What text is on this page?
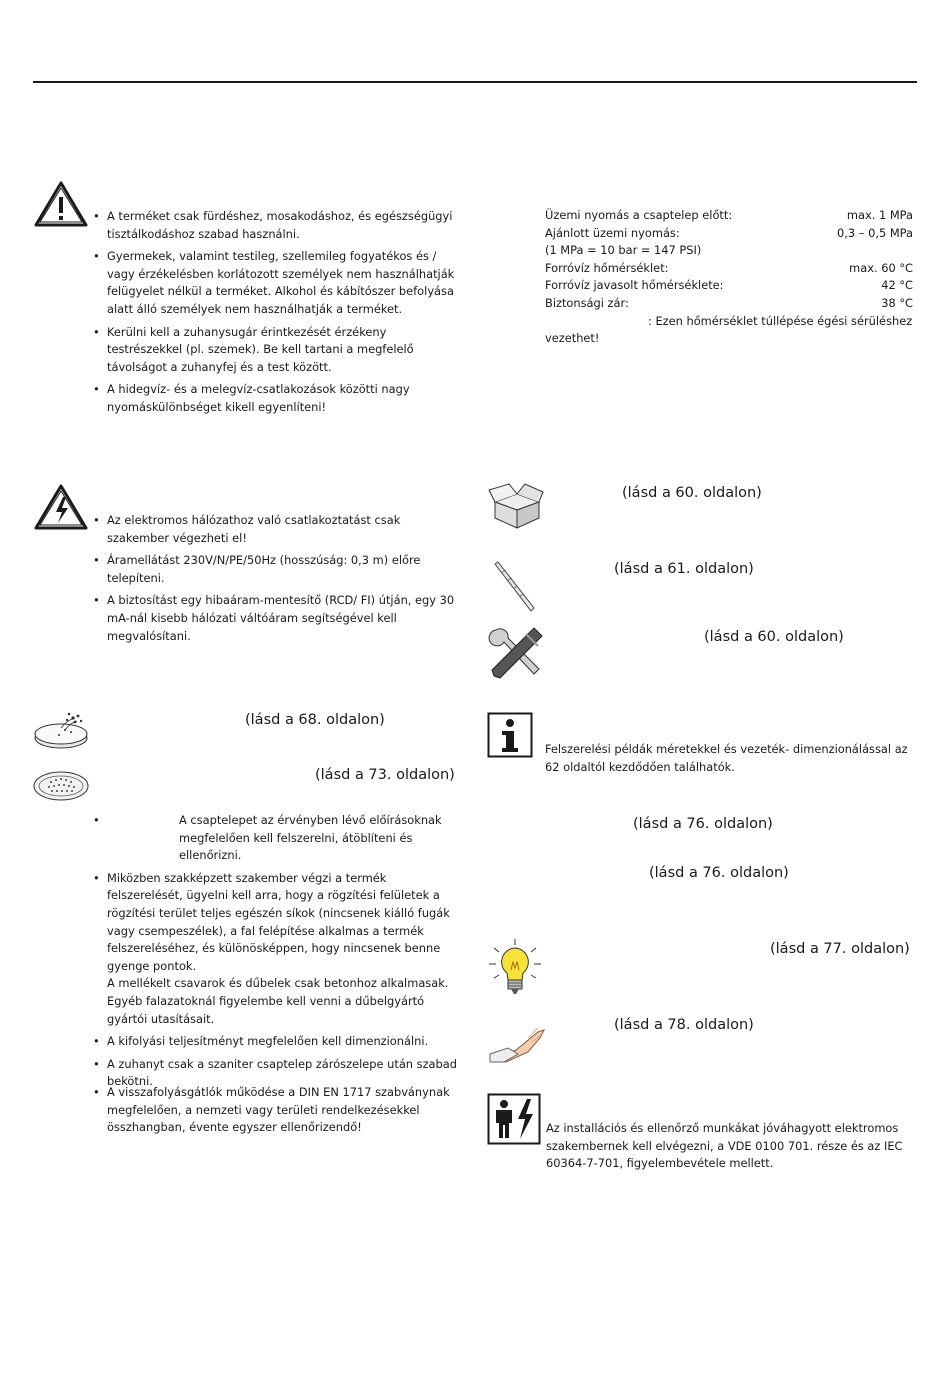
• A terméket csak fürdéshez, mosakodáshoz, és egészségügyi tisztálkodáshoz szabad használni.
• Gyermekek, valamint testileg, szellemileg fogyatékos és / vagy érzékelésben korlátozott személyek nem használhatják felügyelet nélkül a terméket. Alkohol és kábítószer befolyása alatt álló személyek nem használhatják a terméket.
• Kerülni kell a zuhanysugár érintkezését érzékeny testrészekkel (pl. szemek). Be kell tartani a megfelelő távolságot a zuhanyfej és a test között.
• A hidegvíz- és a melegvíz-csatlakozások közötti nagy nyomáskülönbséget kikell egyenlíteni!
• Az elektromos hálózathoz való csatlakoztatást csak szakember végezheti el!
• Áramellátást 230V/N/PE/50Hz (hosszúság: 0,3 m) előre telepíteni.
• A biztosítást egy hibaáram-mentesítő (RCD/ FI) útján, egy 30 mA-nál kisebb hálózati váltóáram segítségével kell megvalósítani.
(lásd a 68. oldalon)
(lásd a 73. oldalon)
• A csaptelepet az érvényben lévő előírásoknak megfelelően kell felszerelni, átöblíteni és ellenőrizni.
• Miközben szakképzett szakember végzi a termék felszerelését, ügyelni kell arra, hogy a rögzítési felületek a rögzítési terület teljes egészén síkok (nincsenek kiálló fugák vagy csempeszélek), a fal felépítése alkalmas a termék felszereléséhez, és különösképpen, hogy nincsenek benne gyenge pontok.
A mellékelt csavarok és dűbelek csak betonhoz alkalmasak. Egyéb falazatoknál figyelembe kell venni a dűbelgyártó gyártói utasításait.
• A kifolyási teljesítményt megfelelően kell dimenzionálni.
• A zuhanyt csak a szaniter csaptelep zárószelepe után szabad bekötni.
• A visszafolyásgátlók működése a DIN EN 1717 szabványnak megfelelően, a nemzeti vagy területi rendelkezésekkel összhangban, évente egyszer ellenőrizendő!
Üzemi nyomás a csaptelep előtt:	max. 1 MPa
Ajánlott üzemi nyomás:	0,3 – 0,5 MPa
(1 MPa = 10 bar = 147 PSI)
Forróvíz hőmérséklet:	max. 60 °C
Forróvíz javasolt hőmérséklete:	42 °C
Biztonsági zár:	38 °C
: Ezen hőmérséklet túllépése égési sérüléshez
vezethet!
(lásd a 60. oldalon)
(lásd a 61. oldalon)
(lásd a 60. oldalon)
Felszerelési példák méretekkel és vezeték- dimenzionálással az 62 oldaltól kezdődően találhatók.
(lásd a 76. oldalon)
(lásd a 76. oldalon)
(lásd a 77. oldalon)
(lásd a 78. oldalon)
Az installációs és ellenőrző munkákat jóváhagyott elektromos szakembernek kell elvégezni, a VDE 0100 701. része és az IEC 60364-7-701, figyelembevétele mellett.
